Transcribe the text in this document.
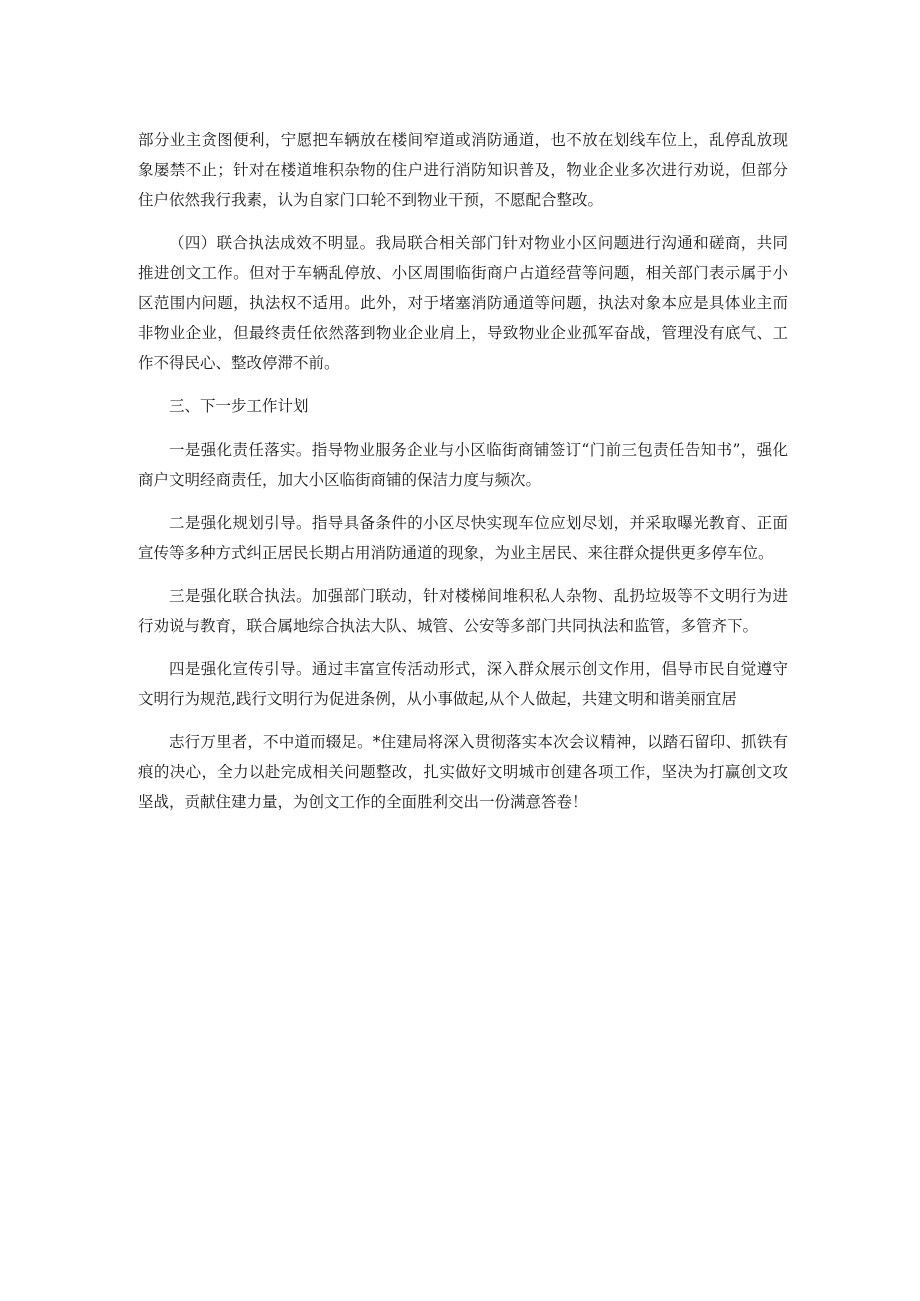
部分业主贪图便利，宁愿把车辆放在楼间窄道或消防通道，也不放在划线车位上，乱停乱放现象屡禁不止；针对在楼道堆积杂物的住户进行消防知识普及，物业企业多次进行劝说，但部分住户依然我行我素，认为自家门口轮不到物业干预，不愿配合整改。

（四）联合执法成效不明显。我局联合相关部门针对物业小区问题进行沟通和磋商，共同推进创文工作。但对于车辆乱停放、小区周围临街商户占道经营等问题，相关部门表示属于小区范围内问题，执法权不适用。此外，对于堵塞消防通道等问题，执法对象本应是具体业主而非物业企业，但最终责任依然落到物业企业肩上，导致物业企业孤军奋战，管理没有底气、工作不得民心、整改停滞不前。

三、下一步工作计划

一是强化责任落实。指导物业服务企业与小区临街商铺签订“门前三包责任告知书”，强化商户文明经商责任，加大小区临街商铺的保洁力度与频次。

二是强化规划引导。指导具备条件的小区尽快实现车位应划尽划，并采取曝光教育、正面宣传等多种方式纠正居民长期占用消防通道的现象，为业主居民、来往群众提供更多停车位。

三是强化联合执法。加强部门联动，针对楼梯间堆积私人杂物、乱扔垃圾等不文明行为进行劝说与教育，联合属地综合执法大队、城管、公安等多部门共同执法和监管，多管齐下。

四是强化宣传引导。通过丰富宣传活动形式，深入群众展示创文作用，倡导市民自觉遵守文明行为规范,践行文明行为促进条例，从小事做起,从个人做起，共建文明和谐美丽宜居

志行万里者，不中道而辍足。*住建局将深入贯彻落实本次会议精神，以踏石留印、抓铁有痕的决心，全力以赴完成相关问题整改，扎实做好文明城市创建各项工作，坚决为打赢创文攻坚战，贡献住建力量，为创文工作的全面胜利交出一份满意答卷！
